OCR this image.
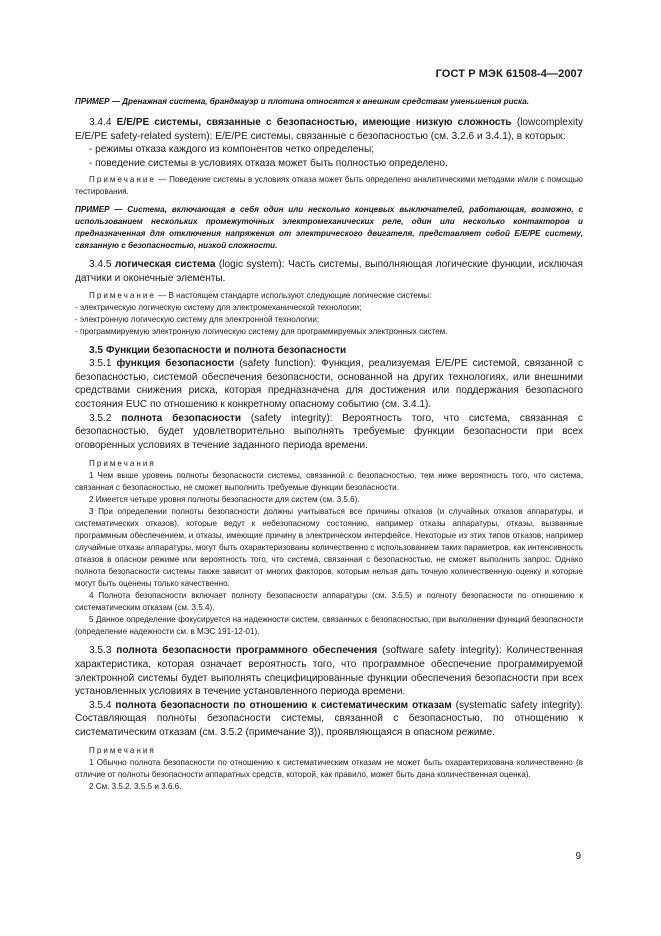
ГОСТ Р МЭК 61508-4—2007

ПРИМЕР — Дренажная система, брандмауэр и плотина относятся к внешним средствам уменьшения риска.

3.4.4 E/E/PE системы, связанные с безопасностью, имеющие низкую сложность (lowcomplexity E/E/PE safety-related system): E/E/PE системы, связанные с безопасностью (см. 3.2.6 и 3.4.1), в которых:

- режимы отказа каждого из компонентов четко определены;

- поведение системы в условиях отказа может быть полностью определено.

Примечание — Поведение системы в условиях отказа может быть определено аналитическими методами и/или с помощью тестирования.

ПРИМЕР — Система, включающая в себя один или несколько концевых выключателей, работающая, возможно, с использованием нескольких промежуточных электромеханических реле, один или несколько контакторов и предназначенная для отключения напряжения от электрического двигателя, представляет собой E/E/PE систему, связанную с безопасностью, низкой сложности.

3.4.5 логическая система (logic system): Часть системы, выполняющая логические функции, исключая датчики и оконечные элементы.

Примечание — В настоящем стандарте используют следующие логические системы:

- электрическую логическую систему для электромеханической технологии;

- электронную логическую систему для электронной технологии;

- программируемую электронную логическую систему для программируемых электронных систем.

3.5 Функции безопасности и полнота безопасности

3.5.1 функция безопасности (safety function): Функция, реализуемая E/E/PE системой, связанной с безопасностью, системой обеспечения безопасности, основанной на других технологиях, или внешними средствами снижения риска, которая предназначена для достижения или поддержания безопасного состояния EUC по отношению к конкретному опасному событию (см. 3.4.1).

3.5.2 полнота безопасности (safety integrity): Вероятность того, что система, связанная с безопасностью, будет удовлетворительно выполнять требуемые функции безопасности при всех оговоренных условиях в течение заданного периода времени.

Примечания

1 Чем выше уровень полноты безопасности системы, связанной с безопасностью, тем ниже вероятность того, что система, связанная с безопасностью, не сможет выполнить требуемые функции безопасности.

2 Имеется четыре уровня полноты безопасности для систем (см. 3.5.6).

3 При определении полноты безопасности должны учитываться все причины отказов (и случайных отказов аппаратуры, и систематических отказов), которые ведут к небезопасному состоянию, например отказы аппаратуры, отказы, вызванные программным обеспечением, и отказы, имеющие причину в электрическом интерфейсе. Некоторые из этих типов отказов, например случайные отказы аппаратуры, могут быть охарактеризованы количественно с использованием таких параметров, как интенсивность отказов в опасном режиме или вероятность того, что система, связанная с безопасностью, не сможет выполнить запрос. Однако полнота безопасности системы также зависит от многих факторов, которым нельзя дать точную количественную оценку и которые могут быть оценены только качественно.

4 Полнота безопасности включает полноту безопасности аппаратуры (см. 3.5.5) и полноту безопасности по отношению к систематическим отказам (см. 3.5.4).

5 Данное определение фокусируется на надежности систем, связанных с безопасностью, при выполнении функций безопасности (определение надежности см. в МЭС 191-12-01).

3.5.3 полнота безопасности программного обеспечения (software safety integrity): Количественная характеристика, которая означает вероятность того, что программное обеспечение программируемой электронной системы будет выполнять специфицированные функции обеспечения безопасности при всех установленных условиях в течение установленного периода времени.

3.5.4 полнота безопасности по отношению к систематическим отказам (systematic safety integrity): Составляющая полноты безопасности системы, связанной с безопасностью, по отношению к систематическим отказам (см. 3.5.2 (примечание 3)), проявляющаяся в опасном режиме.

Примечания

1 Обычно полнота безопасности по отношению к систематическим отказам не может быть охарактеризована количественно (в отличие от полноты безопасности аппаратных средств, которой, как правило, может быть дана количественная оценка).

2 См. 3.5.2, 3.5.5 и 3.6.6.

9
